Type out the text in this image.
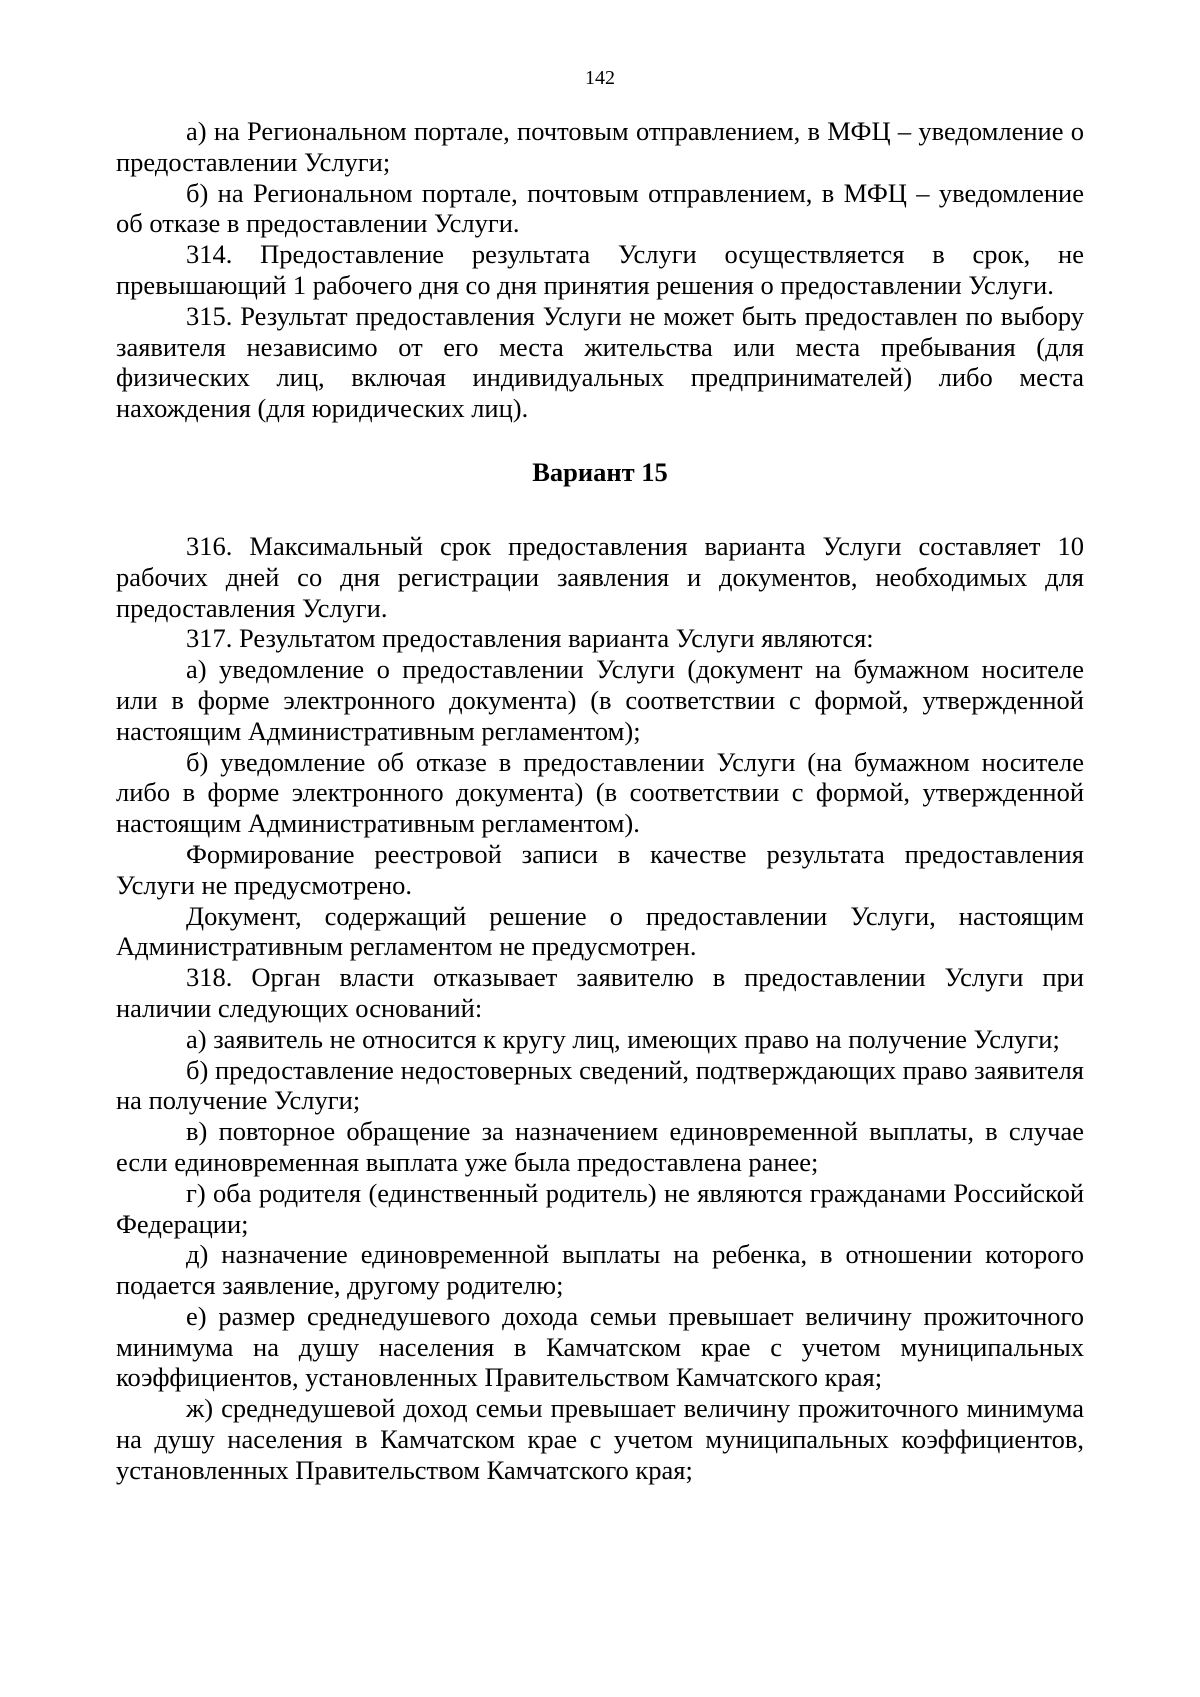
142

а) на Региональном портале, почтовым отправлением, в МФЦ – уведомление о предоставлении Услуги;

б) на Региональном портале, почтовым отправлением, в МФЦ – уведомление об отказе в предоставлении Услуги.

314. Предоставление результата Услуги осуществляется в срок, не превышающий 1 рабочего дня со дня принятия решения о предоставлении Услуги.

315. Результат предоставления Услуги не может быть предоставлен по выбору заявителя независимо от его места жительства или места пребывания (для физических лиц, включая индивидуальных предпринимателей) либо места нахождения (для юридических лиц).

Вариант 15

316. Максимальный срок предоставления варианта Услуги составляет 10 рабочих дней со дня регистрации заявления и документов, необходимых для предоставления Услуги.

317. Результатом предоставления варианта Услуги являются:

а) уведомление о предоставлении Услуги (документ на бумажном носителе или в форме электронного документа) (в соответствии с формой, утвержденной настоящим Административным регламентом);

б) уведомление об отказе в предоставлении Услуги (на бумажном носителе либо в форме электронного документа) (в соответствии с формой, утвержденной настоящим Административным регламентом).

Формирование реестровой записи в качестве результата предоставления Услуги не предусмотрено.

Документ, содержащий решение о предоставлении Услуги, настоящим Административным регламентом не предусмотрен.

318. Орган власти отказывает заявителю в предоставлении Услуги при наличии следующих оснований:

а) заявитель не относится к кругу лиц, имеющих право на получение Услуги;

б) предоставление недостоверных сведений, подтверждающих право заявителя на получение Услуги;

в) повторное обращение за назначением единовременной выплаты, в случае если единовременная выплата уже была предоставлена ранее;

г) оба родителя (единственный родитель) не являются гражданами Российской Федерации;

д) назначение единовременной выплаты на ребенка, в отношении которого подается заявление, другому родителю;

е) размер среднедушевого дохода семьи превышает величину прожиточного минимума на душу населения в Камчатском крае с учетом муниципальных коэффициентов, установленных Правительством Камчатского края;

ж) среднедушевой доход семьи превышает величину прожиточного минимума на душу населения в Камчатском крае с учетом муниципальных коэффициентов, установленных Правительством Камчатского края;
